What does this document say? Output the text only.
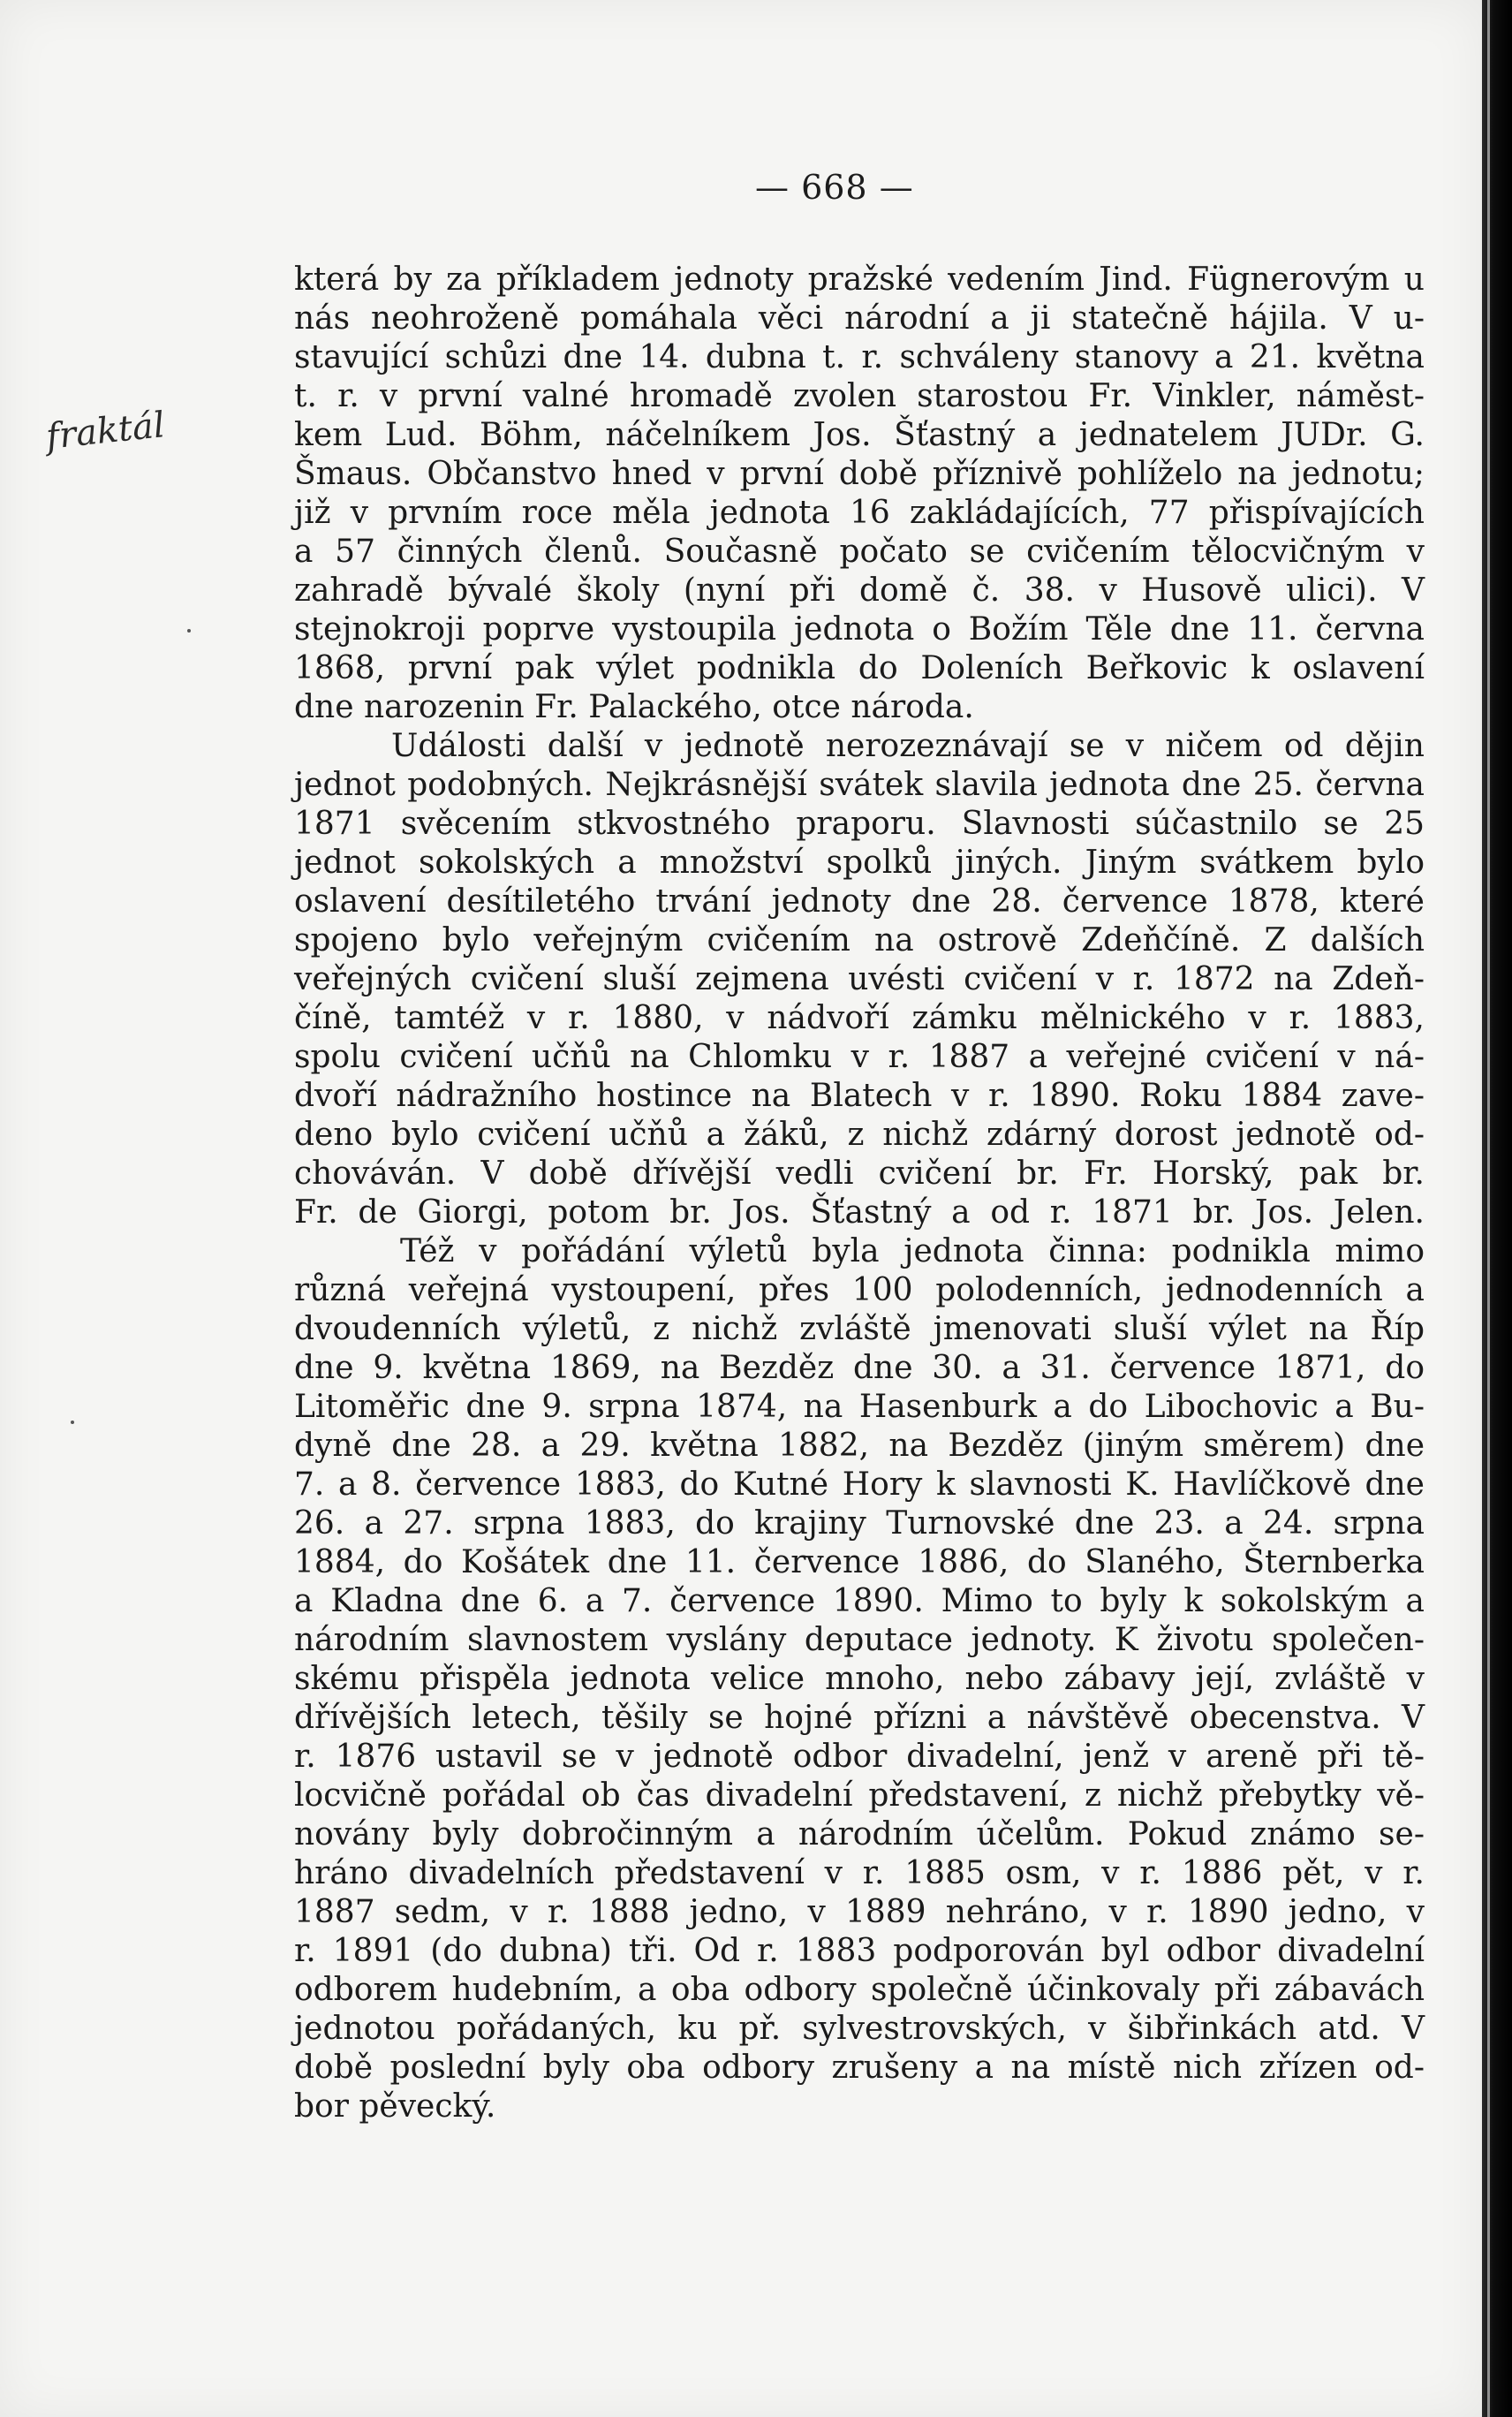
— 668 —
fraktál
která by za příkladem jednoty pražské vedením Jind. Fügnerovým u
nás neohroženě pomáhala věci národní a ji statečně hájila. V u-
stavující schůzi dne 14. dubna t. r. schváleny stanovy a 21. května
t. r. v první valné hromadě zvolen starostou Fr. Vinkler, náměst-
kem Lud. Böhm, náčelníkem Jos. Šťastný a jednatelem JUDr. G.
Šmaus. Občanstvo hned v první době příznivě pohlíželo na jednotu;
již v prvním roce měla jednota 16 zakládajících, 77 přispívajících
a 57 činných členů. Současně počato se cvičením tělocvičným v
zahradě bývalé školy (nyní při domě č. 38. v Husově ulici). V
stejnokroji poprve vystoupila jednota o Božím Těle dne 11. června
1868, první pak výlet podnikla do Doleních Beřkovic k oslavení
dne narozenin Fr. Palackého, otce národa.
Události další v jednotě nerozeznávají se v ničem od dějin
jednot podobných. Nejkrásnější svátek slavila jednota dne 25. června
1871 svěcením stkvostného praporu. Slavnosti súčastnilo se 25
jednot sokolských a množství spolků jiných. Jiným svátkem bylo
oslavení desítiletého trvání jednoty dne 28. července 1878, které
spojeno bylo veřejným cvičením na ostrově Zdeňčíně. Z dalších
veřejných cvičení sluší zejmena uvésti cvičení v r. 1872 na Zdeň-
číně, tamtéž v r. 1880, v nádvoří zámku mělnického v r. 1883,
spolu cvičení učňů na Chlomku v r. 1887 a veřejné cvičení v ná-
dvoří nádražního hostince na Blatech v r. 1890. Roku 1884 zave-
deno bylo cvičení učňů a žáků, z nichž zdárný dorost jednotě od-
chováván. V době dřívější vedli cvičení br. Fr. Horský, pak br.
Fr. de Giorgi, potom br. Jos. Šťastný a od r. 1871 br. Jos. Jelen.
Též v pořádání výletů byla jednota činna: podnikla mimo
různá veřejná vystoupení, přes 100 polodenních, jednodenních a
dvoudenních výletů, z nichž zvláště jmenovati sluší výlet na Říp
dne 9. května 1869, na Bezděz dne 30. a 31. července 1871, do
Litoměřic dne 9. srpna 1874, na Hasenburk a do Libochovic a Bu-
dyně dne 28. a 29. května 1882, na Bezděz (jiným směrem) dne
7. a 8. července 1883, do Kutné Hory k slavnosti K. Havlíčkově dne
26. a 27. srpna 1883, do krajiny Turnovské dne 23. a 24. srpna
1884, do Košátek dne 11. července 1886, do Slaného, Šternberka
a Kladna dne 6. a 7. července 1890. Mimo to byly k sokolským a
národním slavnostem vyslány deputace jednoty. K životu společen-
skému přispěla jednota velice mnoho, nebo zábavy její, zvláště v
dřívějších letech, těšily se hojné přízni a návštěvě obecenstva. V
r. 1876 ustavil se v jednotě odbor divadelní, jenž v areně při tě-
locvičně pořádal ob čas divadelní představení, z nichž přebytky vě-
novány byly dobročinným a národním účelům. Pokud známo se-
hráno divadelních představení v r. 1885 osm, v r. 1886 pět, v r.
1887 sedm, v r. 1888 jedno, v 1889 nehráno, v r. 1890 jedno, v
r. 1891 (do dubna) tři. Od r. 1883 podporován byl odbor divadelní
odborem hudebním, a oba odbory společně účinkovaly při zábavách
jednotou pořádaných, ku př. sylvestrovských, v šibřinkách atd. V
době poslední byly oba odbory zrušeny a na místě nich zřízen od-
bor pěvecký.
